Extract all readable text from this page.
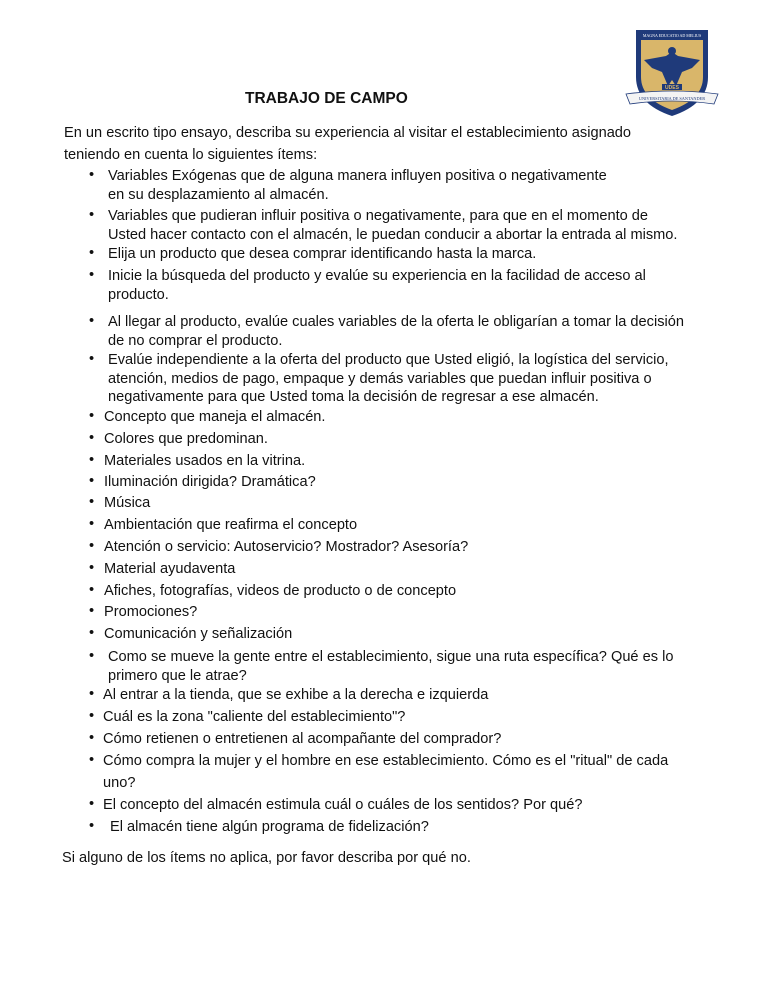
MAGNA EDUCATIO AD MELIUS
UDES
UNIVERSITARIA DE SANTANDER
TRABAJO DE CAMPO
En un escrito tipo ensayo, describa su experiencia al visitar el establecimiento asignado
teniendo en cuenta lo siguientes ítems:
• Variables Exógenas que de alguna manera influyen positiva o negativamente
en su desplazamiento al almacén.
• Variables que pudieran influir positiva o negativamente, para que en el momento de
Usted hacer contacto con el almacén, le puedan conducir a abortar la entrada al mismo.
• Elija un producto que desea comprar identificando hasta la marca.
• Inicie la búsqueda del producto y evalúe su experiencia en la facilidad de acceso al
producto.
• Al llegar al producto, evalúe cuales variables de la oferta le obligarían a tomar la decisión
de no comprar el producto.
• Evalúe independiente a la oferta del producto que Usted eligió, la logística del servicio,
atención, medios de pago, empaque y demás variables que puedan influir positiva o
negativamente para que Usted toma la decisión de regresar a ese almacén.
• Concepto que maneja el almacén.
• Colores que predominan.
• Materiales usados en la vitrina.
• Iluminación dirigida? Dramática?
• Música
• Ambientación que reafirma el concepto
• Atención o servicio: Autoservicio? Mostrador? Asesoría?
• Material ayudaventa
• Afiches, fotografías, videos de producto o de concepto
• Promociones?
• Comunicación y señalización
• Como se mueve la gente entre el establecimiento, sigue una ruta específica? Qué es lo
primero que le atrae?
• Al entrar a la tienda, que se exhibe a la derecha e izquierda
• Cuál es la zona "caliente del establecimiento"?
• Cómo retienen o entretienen al acompañante del comprador?
• Cómo compra la mujer y el hombre en ese establecimiento. Cómo es el "ritual" de cada
uno?
• El concepto del almacén estimula cuál o cuáles de los sentidos? Por qué?
• El almacén tiene algún programa de fidelización?
Si alguno de los ítems no aplica, por favor describa por qué no.
